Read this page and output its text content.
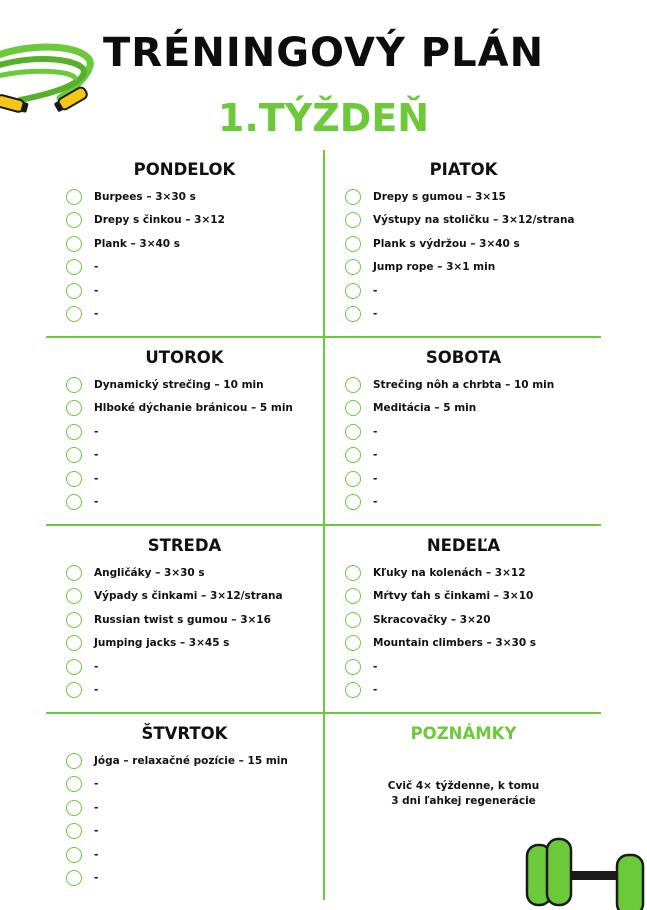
TRÉNINGOVÝ PLÁN
1.TÝŽDEŇ
PONDELOK
Burpees – 3×30 s
Drepy s činkou – 3×12
Plank – 3×40 s
-
-
-
PIATOK
Drepy s gumou – 3×15
Výstupy na stoličku – 3×12/strana
Plank s výdržou – 3×40 s
Jump rope – 3×1 min
-
-
UTOROK
Dynamický strečing – 10 min
Hlboké dýchanie bránicou – 5 min
-
-
-
-
SOBOTA
Strečing nôh a chrbta – 10 min
Meditácia – 5 min
-
-
-
-
STREDA
Angličáky – 3×30 s
Výpady s činkami – 3×12/strana
Russian twist s gumou – 3×16
Jumping jacks – 3×45 s
-
-
NEDEĽA
Kľuky na kolenách – 3×12
Mŕtvy ťah s činkami – 3×10
Skracovačky – 3×20
Mountain climbers – 3×30 s
-
-
ŠTVRTOK
Jóga – relaxačné pozície – 15 min
-
-
-
-
-
POZNÁMKY
Cvič 4× týždenne, k tomu 3 dni ľahkej regenerácie
